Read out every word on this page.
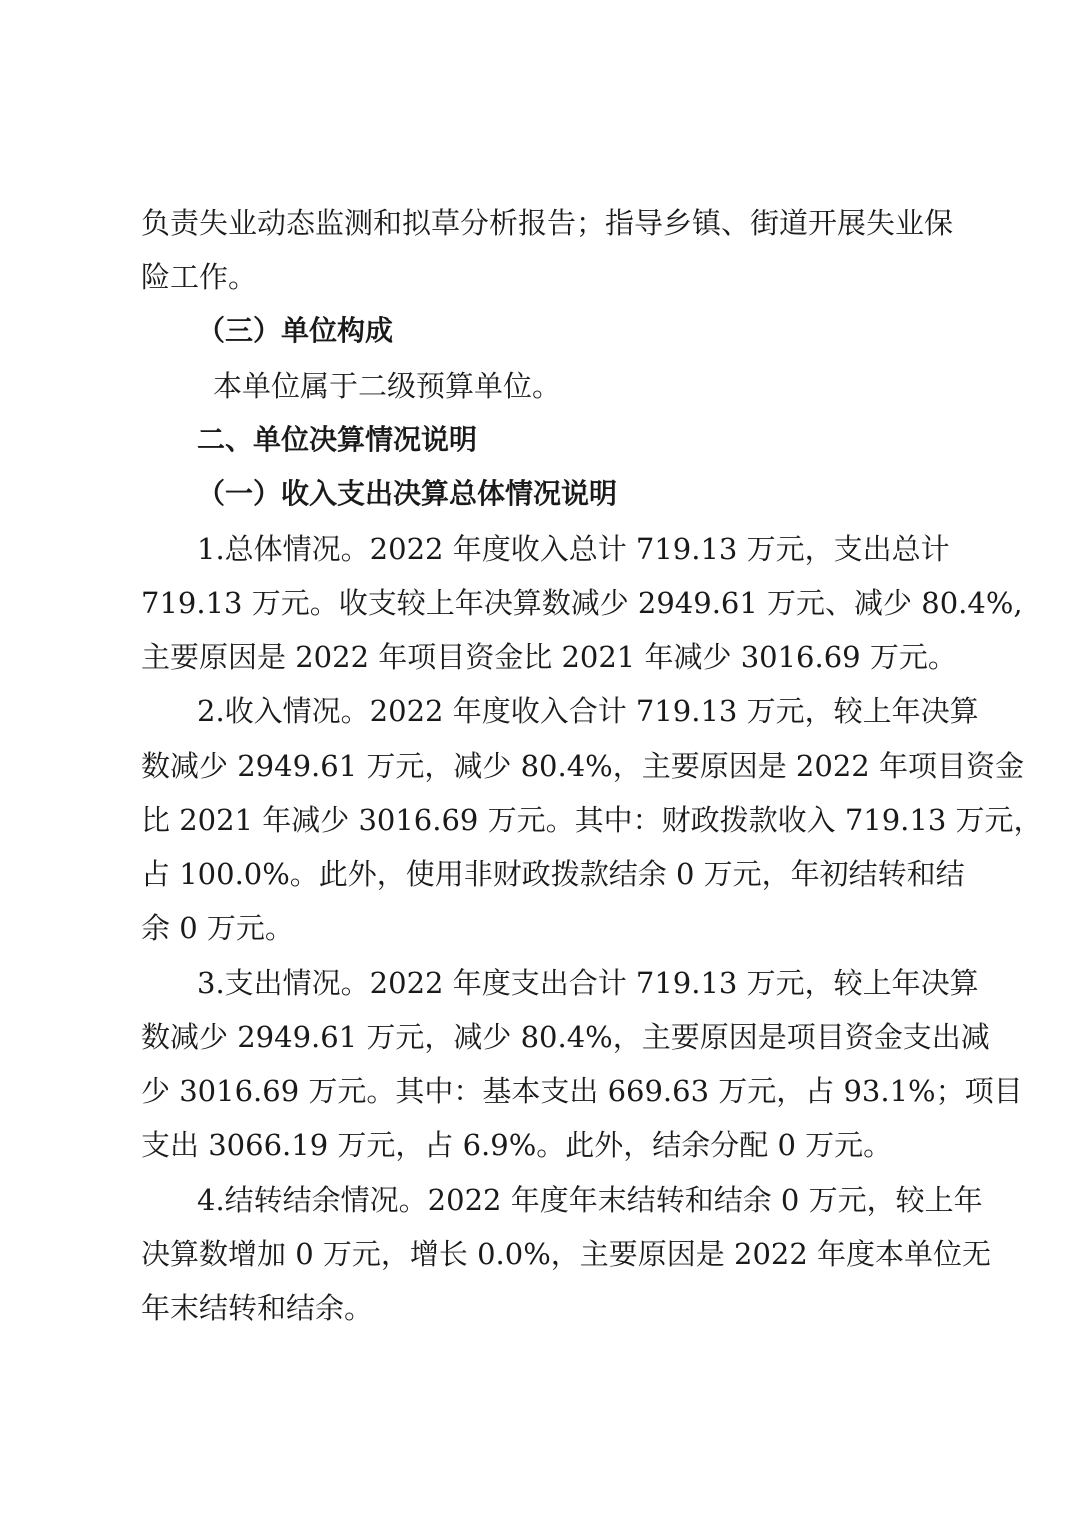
负责失业动态监测和拟草分析报告；指导乡镇、街道开展失业保
险工作。
（三）单位构成
本单位属于二级预算单位。
二、单位决算情况说明
（一）收入支出决算总体情况说明
1.总体情况。2022 年度收入总计 719.13 万元，支出总计
719.13 万元。收支较上年决算数减少 2949.61 万元、减少 80.4%,
主要原因是 2022 年项目资金比 2021 年减少 3016.69 万元。
2.收入情况。2022 年度收入合计 719.13 万元，较上年决算
数减少 2949.61 万元，减少 80.4%，主要原因是 2022 年项目资金
比 2021 年减少 3016.69 万元。其中：财政拨款收入 719.13 万元，
占 100.0%。此外，使用非财政拨款结余 0 万元，年初结转和结
余 0 万元。
3.支出情况。2022 年度支出合计 719.13 万元，较上年决算
数减少 2949.61 万元，减少 80.4%，主要原因是项目资金支出减
少 3016.69 万元。其中：基本支出 669.63 万元，占 93.1%；项目
支出 3066.19 万元，占 6.9%。此外，结余分配 0 万元。
4.结转结余情况。2022 年度年末结转和结余 0 万元，较上年
决算数增加 0 万元，增长 0.0%，主要原因是 2022 年度本单位无
年末结转和结余。
